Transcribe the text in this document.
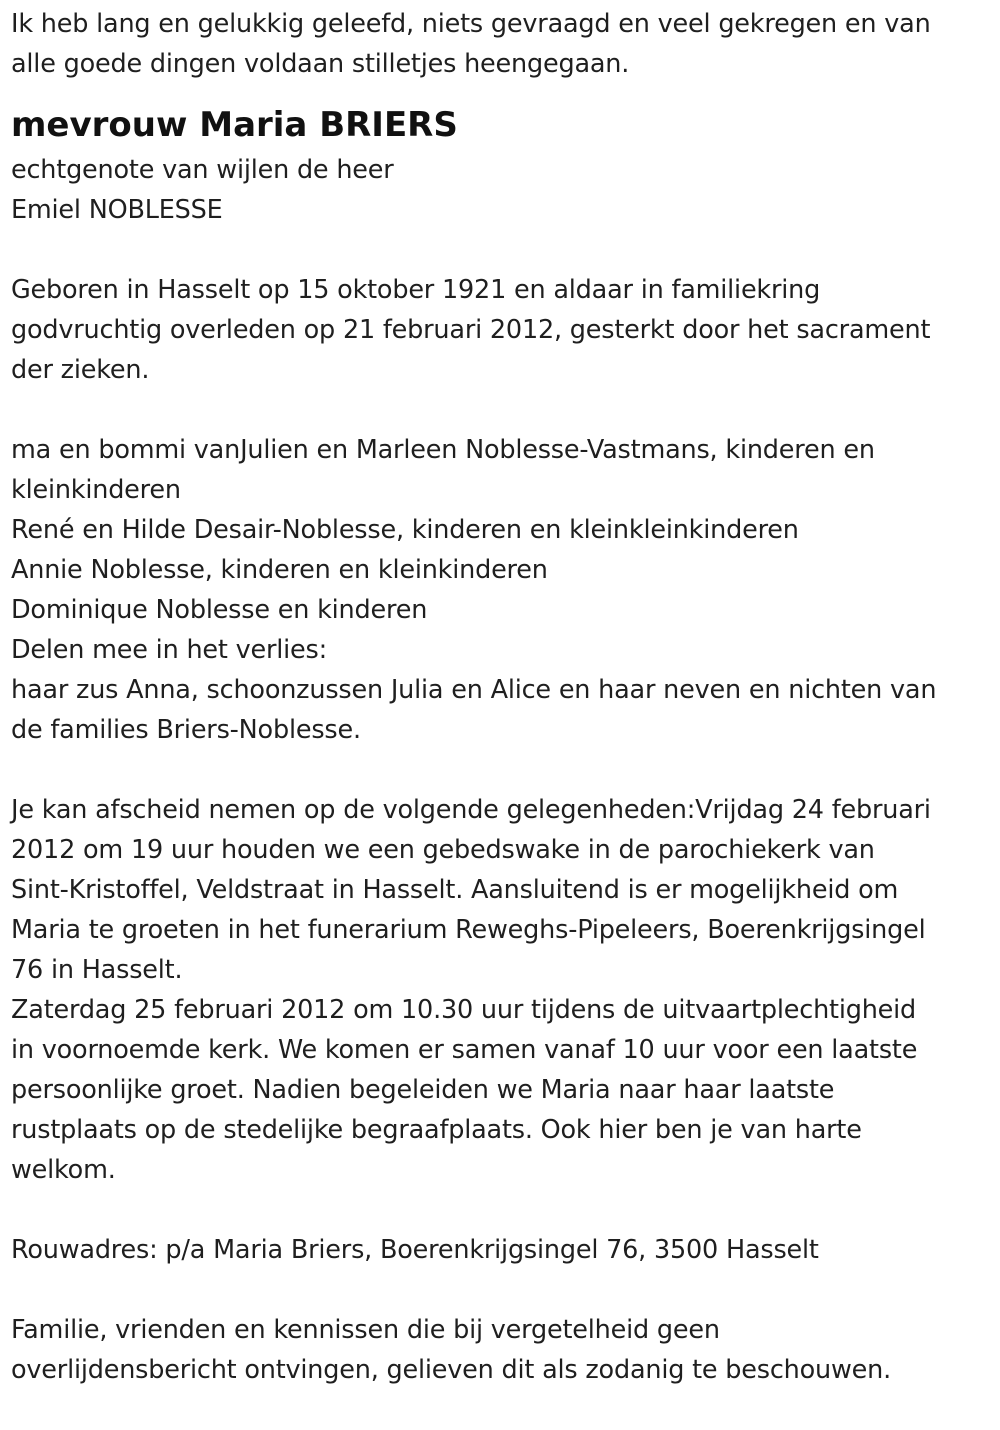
Ik heb lang en gelukkig geleefd, niets gevraagd en veel gekregen en van
alle goede dingen voldaan stilletjes heengegaan.
mevrouw Maria BRIERS
echtgenote van wijlen de heer
Emiel NOBLESSE
Geboren in Hasselt op 15 oktober 1921 en aldaar in familiekring
godvruchtig overleden op 21 februari 2012, gesterkt door het sacrament
der zieken.
ma en bommi vanJulien en Marleen Noblesse-Vastmans, kinderen en
kleinkinderen
René en Hilde Desair-Noblesse, kinderen en kleinkleinkinderen
Annie Noblesse, kinderen en kleinkinderen
Dominique Noblesse en kinderen
Delen mee in het verlies:
haar zus Anna, schoonzussen Julia en Alice en haar neven en nichten van
de families Briers-Noblesse.
Je kan afscheid nemen op de volgende gelegenheden:Vrijdag 24 februari
2012 om 19 uur houden we een gebedswake in de parochiekerk van
Sint-Kristoffel, Veldstraat in Hasselt. Aansluitend is er mogelijkheid om
Maria te groeten in het funerarium Reweghs-Pipeleers, Boerenkrijgsingel
76 in Hasselt.
Zaterdag 25 februari 2012 om 10.30 uur tijdens de uitvaartplechtigheid
in voornoemde kerk. We komen er samen vanaf 10 uur voor een laatste
persoonlijke groet. Nadien begeleiden we Maria naar haar laatste
rustplaats op de stedelijke begraafplaats. Ook hier ben je van harte
welkom.
Rouwadres: p/a Maria Briers, Boerenkrijgsingel 76, 3500 Hasselt
Familie, vrienden en kennissen die bij vergetelheid geen
overlijdensbericht ontvingen, gelieven dit als zodanig te beschouwen.
